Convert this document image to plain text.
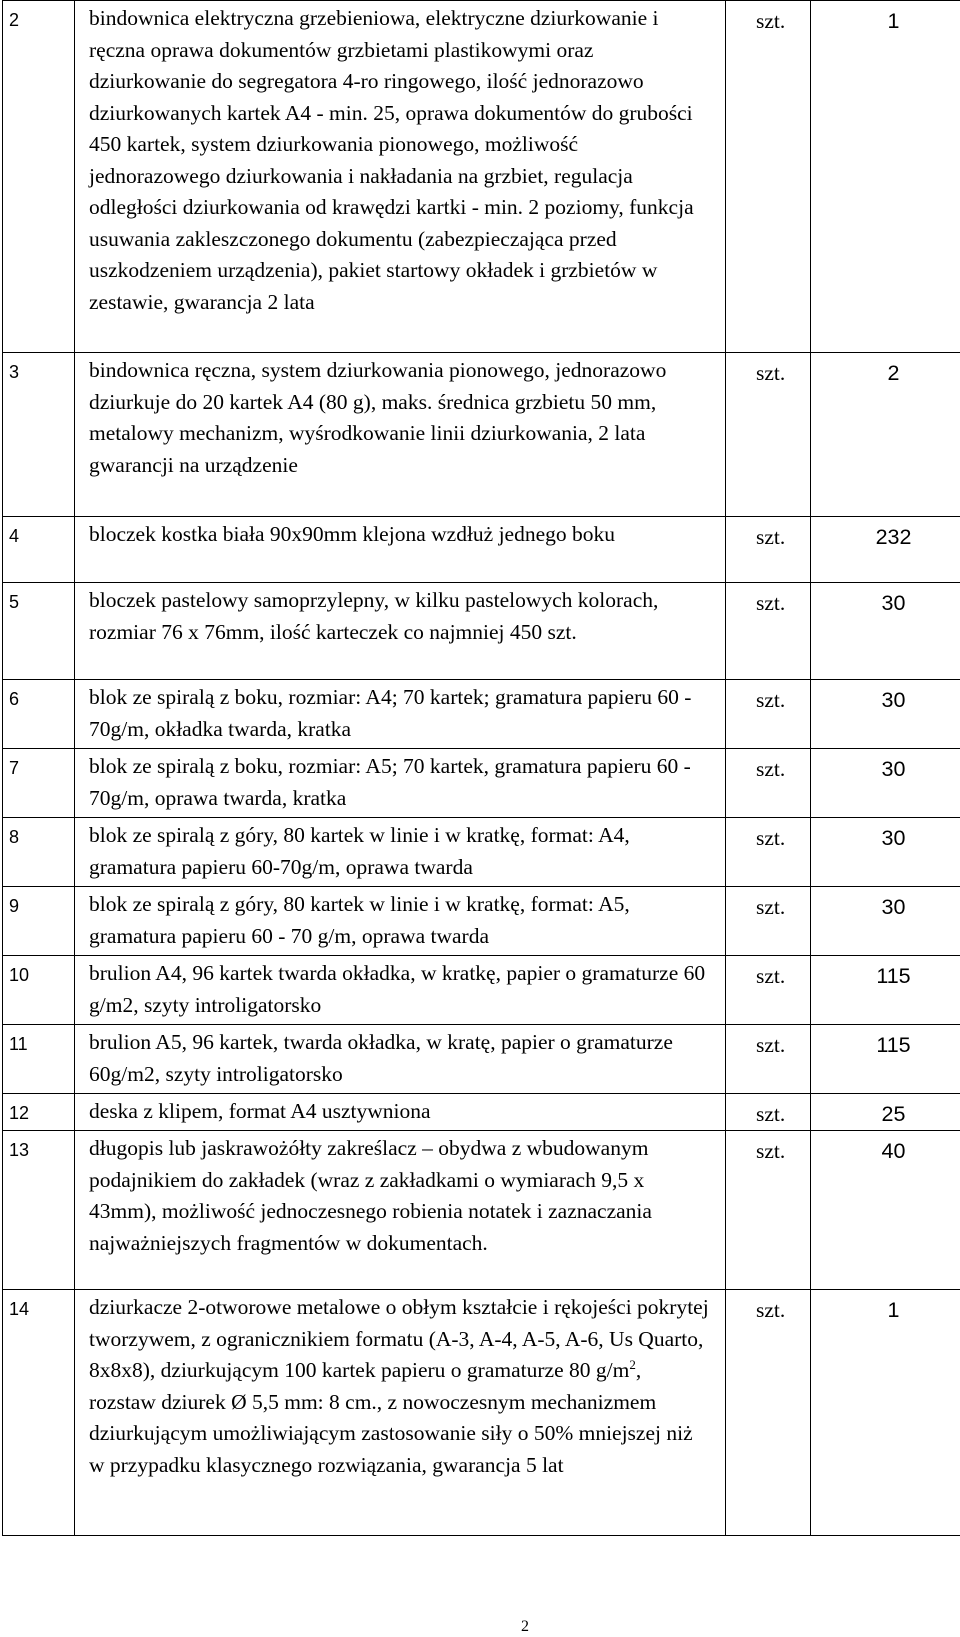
2	bindownica elektryczna grzebieniowa, elektryczne dziurkowanie i ręczna oprawa dokumentów grzbietami plastikowymi oraz dziurkowanie do segregatora 4-ro ringowego, ilość jednorazowo dziurkowanych kartek A4 - min. 25, oprawa dokumentów do grubości 450 kartek, system dziurkowania pionowego, możliwość jednorazowego dziurkowania i nakładania na grzbiet, regulacja odległości dziurkowania od krawędzi kartki - min. 2 poziomy, funkcja usuwania zakleszczonego dokumentu (zabezpieczająca przed uszkodzeniem urządzenia), pakiet startowy okładek i grzbietów w zestawie, gwarancja 2 lata	szt.	1
3	bindownica ręczna, system dziurkowania pionowego, jednorazowo dziurkuje do 20 kartek A4 (80 g), maks. średnica grzbietu 50 mm, metalowy mechanizm, wyśrodkowanie linii dziurkowania, 2 lata gwarancji na urządzenie	szt.	2
4	bloczek kostka biała 90x90mm klejona wzdłuż jednego boku	szt.	232
5	bloczek pastelowy samoprzylepny, w kilku pastelowych kolorach, rozmiar 76 x 76mm, ilość karteczek co najmniej 450 szt.	szt.	30
6	blok ze spiralą z boku, rozmiar: A4; 70 kartek; gramatura papieru 60 - 70g/m, okładka twarda, kratka	szt.	30
7	blok ze spiralą z boku, rozmiar: A5; 70 kartek, gramatura papieru 60 - 70g/m, oprawa twarda, kratka	szt.	30
8	blok ze spiralą z góry, 80 kartek w linie i w kratkę, format: A4, gramatura papieru 60-70g/m, oprawa twarda	szt.	30
9	blok ze spiralą z góry, 80 kartek w linie i w kratkę, format: A5, gramatura papieru 60 - 70 g/m, oprawa twarda	szt.	30
10	brulion A4, 96 kartek twarda okładka, w kratkę, papier o gramaturze 60 g/m2, szyty introligatorsko	szt.	115
11	brulion A5, 96 kartek, twarda okładka, w kratę, papier o gramaturze 60g/m2, szyty introligatorsko	szt.	115
12	deska z klipem, format A4 usztywniona	szt.	25
13	długopis lub jaskrawożółty zakreślacz – obydwa z wbudowanym podajnikiem do zakładek (wraz z zakładkami o wymiarach 9,5 x 43mm), możliwość jednoczesnego robienia notatek i zaznaczania najważniejszych fragmentów w dokumentach.	szt.	40
14	dziurkacze 2-otworowe metalowe o obłym kształcie i rękojeści pokrytej tworzywem, z ogranicznikiem formatu (A-3, A-4, A-5, A-6, Us Quarto, 8x8x8), dziurkującym 100 kartek papieru o gramaturze 80 $g/m^2$, rozstaw dziurek Ø 5,5 mm: 8 cm., z nowoczesnym mechanizmem dziurkującym umożliwiającym zastosowanie siły o 50% mniejszej niż w przypadku klasycznego rozwiązania, gwarancja 5 lat	szt.	1
2
